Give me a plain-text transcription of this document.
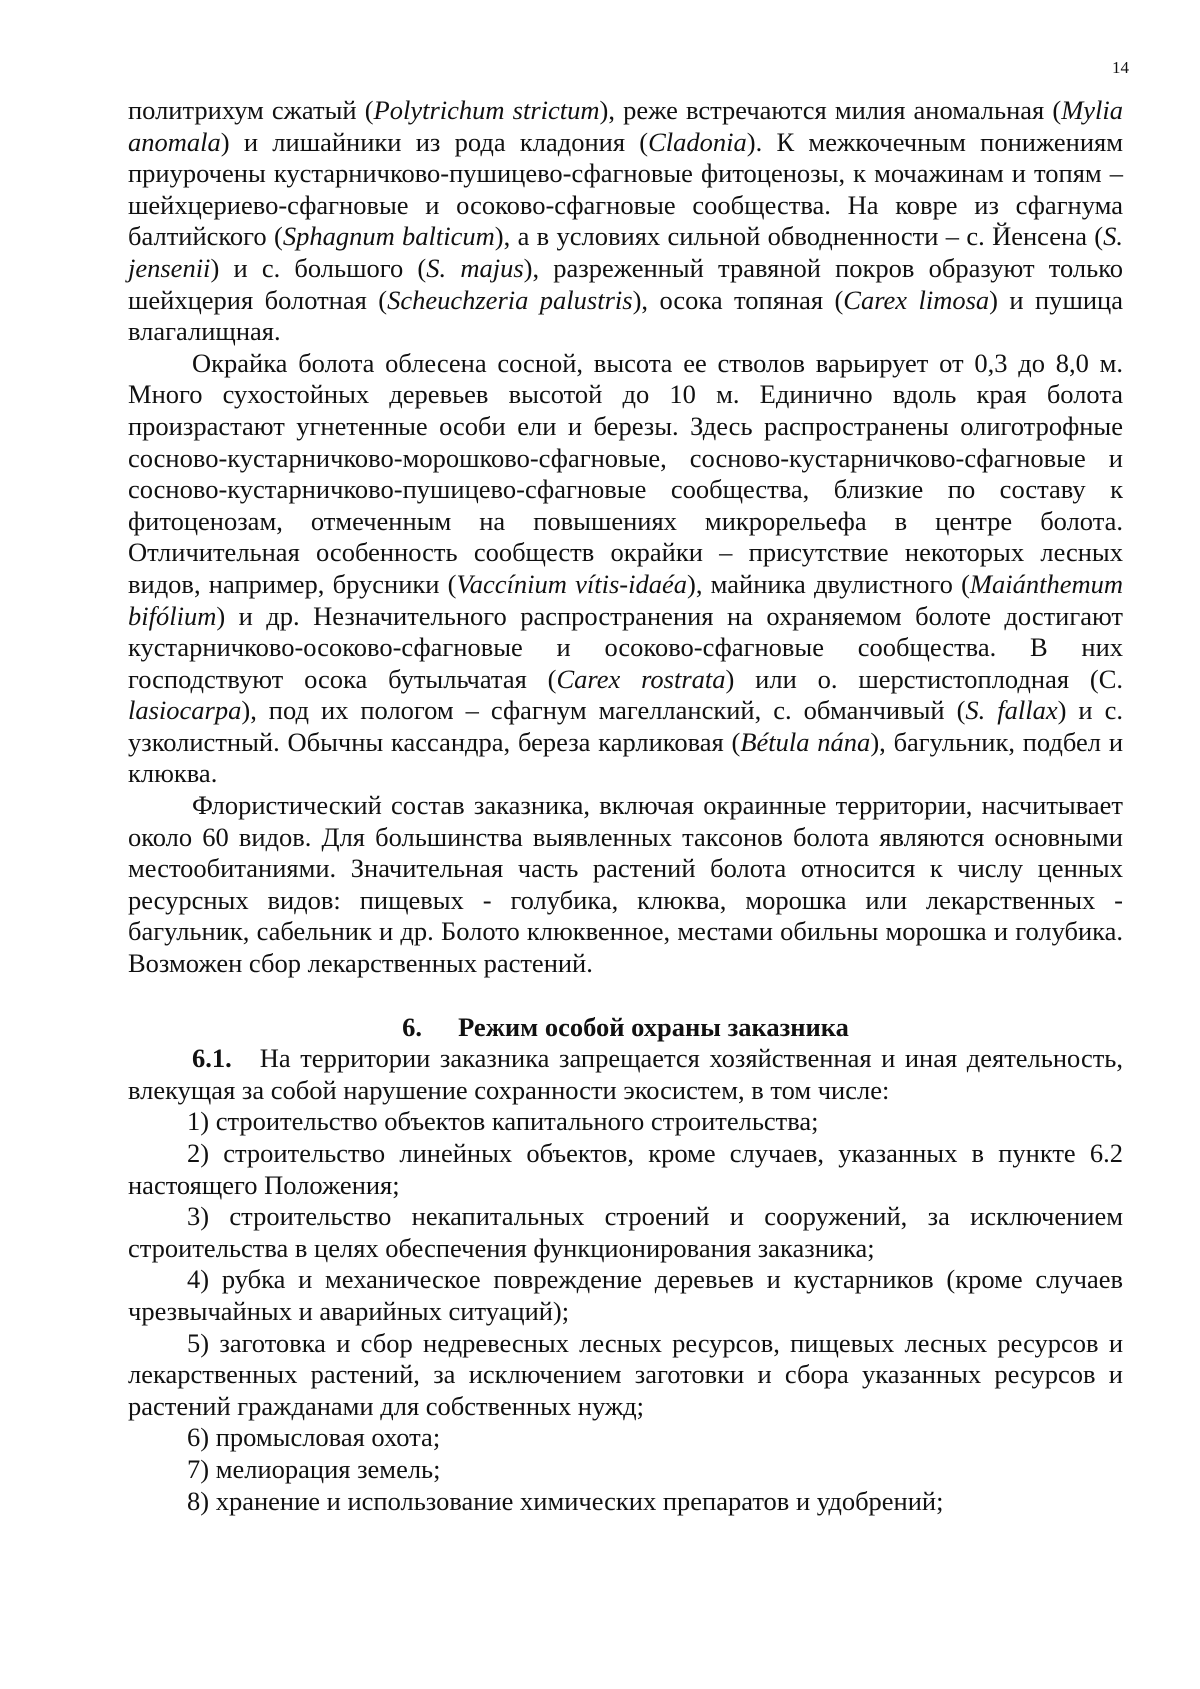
14

политрихум сжатый (Polytrichum strictum), реже встречаются милия аномальная (Mylia anomala) и лишайники из рода кладония (Cladonia). К межкочечным понижениям приурочены кустарничково-пушицево-сфагновые фитоценозы, к мочажинам и топям – шейхцериево-сфагновые и осоково-сфагновые сообщества. На ковре из сфагнума балтийского (Sphagnum balticum), а в условиях сильной обводненности – с. Йенсена (S. jensenii) и с. большого (S. majus), разреженный травяной покров образуют только шейхцерия болотная (Scheuchzeria palustris), осока топяная (Carex limosa) и пушица влагалищная.

Окрайка болота облесена сосной, высота ее стволов варьирует от 0,3 до 8,0 м. Много сухостойных деревьев высотой до 10 м. Единично вдоль края болота произрастают угнетенные особи ели и березы. Здесь распространены олиготрофные сосново-кустарничково-морошково-сфагновые, сосново-кустарничково-сфагновые и сосново-кустарничково-пушицево-сфагновые сообщества, близкие по составу к фитоценозам, отмеченным на повышениях микрорельефа в центре болота. Отличительная особенность сообществ окрайки – присутствие некоторых лесных видов, например, брусники (Vaccínium vítis-idaéa), майника двулистного (Maiánthemum bifólium) и др. Незначительного распространения на охраняемом болоте достигают кустарничково-осоково-сфагновые и осоково-сфагновые сообщества. В них господствуют осока бутыльчатая (Carex rostrata) или о. шерстистоплодная (С. lasiocarpa), под их пологом – сфагнум магелланский, с. обманчивый (S. fallax) и с. узколистный. Обычны кассандра, береза карликовая (Bétula nána), багульник, подбел и клюква.

Флористический состав заказника, включая окраинные территории, насчитывает около 60 видов. Для большинства выявленных таксонов болота являются основными местообитаниями. Значительная часть растений болота относится к числу ценных ресурсных видов: пищевых - голубика, клюква, морошка или лекарственных - багульник, сабельник и др. Болото клюквенное, местами обильны морошка и голубика. Возможен сбор лекарственных растений.

6. Режим особой охраны заказника

6.1. На территории заказника запрещается хозяйственная и иная деятельность, влекущая за собой нарушение сохранности экосистем, в том числе:

1) строительство объектов капитального строительства;

2) строительство линейных объектов, кроме случаев, указанных в пункте 6.2 настоящего Положения;

3) строительство некапитальных строений и сооружений, за исключением строительства в целях обеспечения функционирования заказника;

4) рубка и механическое повреждение деревьев и кустарников (кроме случаев чрезвычайных и аварийных ситуаций);

5) заготовка и сбор недревесных лесных ресурсов, пищевых лесных ресурсов и лекарственных растений, за исключением заготовки и сбора указанных ресурсов и растений гражданами для собственных нужд;

6) промысловая охота;

7) мелиорация земель;

8) хранение и использование химических препаратов и удобрений;
